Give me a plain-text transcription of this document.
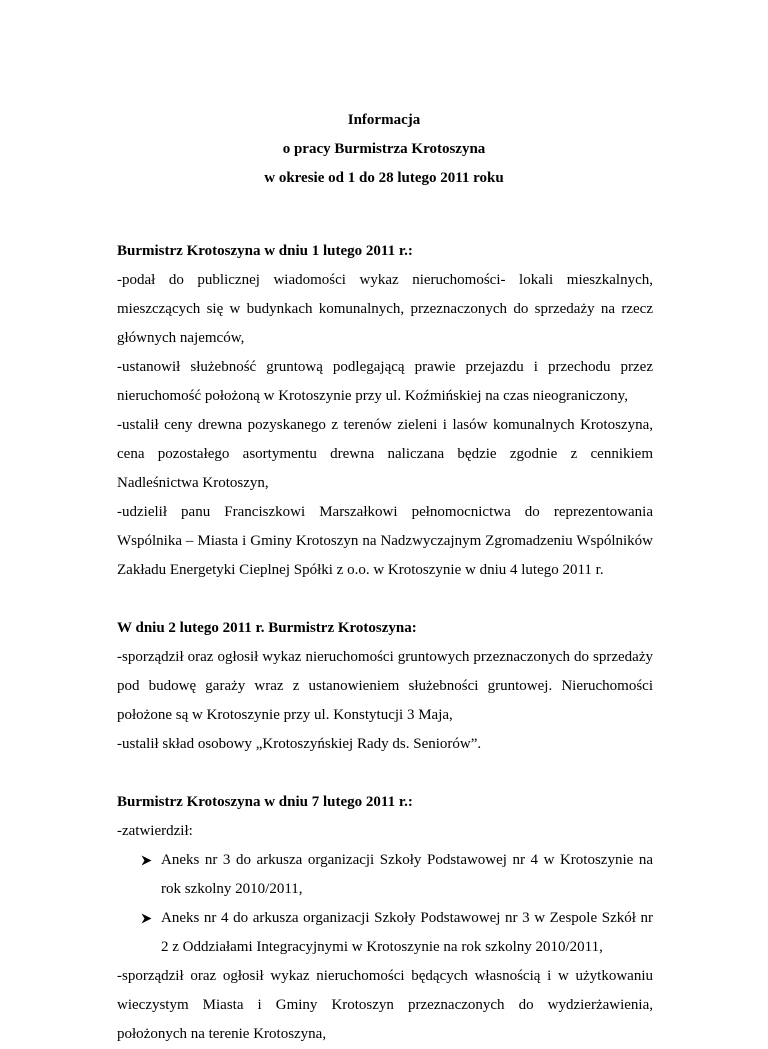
Informacja
o pracy Burmistrza Krotoszyna
w okresie od 1 do 28 lutego 2011 roku
Burmistrz Krotoszyna w dniu 1 lutego 2011 r.:
-podał do publicznej wiadomości wykaz nieruchomości- lokali mieszkalnych, mieszczących się w budynkach komunalnych, przeznaczonych do sprzedaży na rzecz głównych najemców,
-ustanowił służebność gruntową podlegającą prawie przejazdu i przechodu przez nieruchomość położoną w Krotoszynie przy ul. Koźmińskiej na czas nieograniczony,
-ustalił ceny drewna pozyskanego z terenów zieleni i lasów komunalnych Krotoszyna, cena pozostałego asortymentu drewna naliczana będzie zgodnie z cennikiem Nadleśnictwa Krotoszyn,
-udzielił panu Franciszkowi Marszałkowi pełnomocnictwa do reprezentowania Wspólnika – Miasta i Gminy Krotoszyn na Nadzwyczajnym Zgromadzeniu Wspólników Zakładu Energetyki Cieplnej Spółki z o.o. w Krotoszynie w dniu 4 lutego 2011 r.
W dniu 2 lutego 2011 r. Burmistrz Krotoszyna:
-sporządził oraz ogłosił wykaz nieruchomości gruntowych przeznaczonych do sprzedaży pod budowę garaży wraz z ustanowieniem służebności gruntowej. Nieruchomości położone są w Krotoszynie przy ul. Konstytucji 3 Maja,
-ustalił skład osobowy „Krotoszyńskiej Rady ds. Seniorów”.
Burmistrz Krotoszyna w dniu 7 lutego 2011 r.:
-zatwierdził:
Aneks nr 3 do arkusza organizacji Szkoły Podstawowej nr 4 w Krotoszynie na rok szkolny 2010/2011,
Aneks nr 4 do arkusza organizacji Szkoły Podstawowej nr 3 w Zespole Szkół nr 2 z Oddziałami Integracyjnymi w Krotoszynie na rok szkolny 2010/2011,
-sporządził oraz ogłosił wykaz nieruchomości będących własnością i w użytkowaniu wieczystym Miasta i Gminy Krotoszyn przeznaczonych do wydzierżawienia, położonych na terenie Krotoszyna,
